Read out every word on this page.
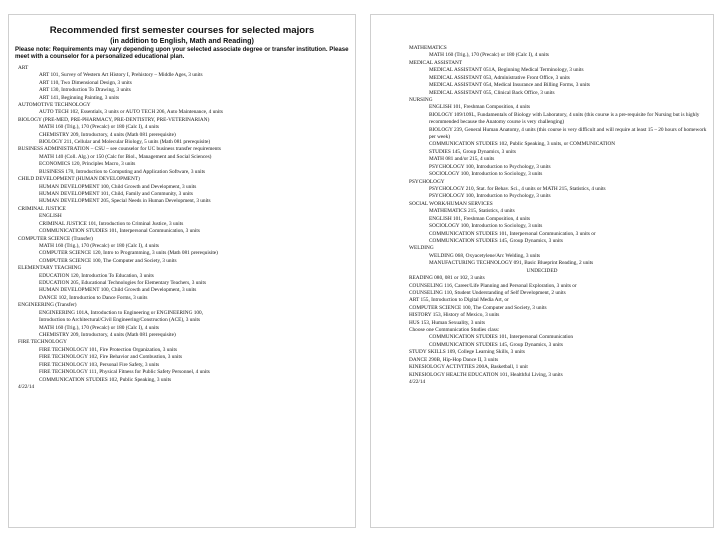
Recommended first semester courses for selected majors
(in addition to English, Math and Reading)
Please note: Requirements may vary depending upon your selected associate degree or transfer institution. Please meet with a counselor for a personalized educational plan.
ART
ART 101, Survey of Western Art History I, Prehistory – Middle Ages, 3 units
ART 110, Two Dimensional Design, 3 units
ART 130, Introduction To Drawing, 3 units
ART 141, Beginning Painting, 3 units
AUTOMOTIVE TECHNOLOGY
AUTO TECH 102, Essentials, 3 units or AUTO TECH 206, Auto Maintenance, 4 units
BIOLOGY (PRE-MED, PRE-PHARMACY, PRE-DENTISTRY, PRE-VETERINARIAN)
MATH 160 (Trig.), 170 (Precalc) or 180 (Calc I), 4 units
CHEMISTRY 209, Introductory, 4 units (Math 081 prerequisite)
BIOLOGY 211, Cellular and Molecular Biology, 5 units (Math 081 prerequisite)
BUSINESS ADMINISTRATION – CSU – see counselor for UC business transfer requirements
MATH 140 (Coll. Alg.) or 150 (Calc for Biol., Management and Social Sciences)
ECONOMICS 120, Principles Macro, 3 units
BUSINESS 170, Introduction to Computing and Application Software, 3 units
CHILD DEVELOPMENT (HUMAN DEVELOPMENT)
HUMAN DEVELOPMENT 100, Child Growth and Development, 3 units
HUMAN DEVELOPMENT 101, Child, Family and Community, 3 units
HUMAN DEVELOPMENT 205, Special Needs in Human Development, 3 units
CRIMINAL JUSTICE
ENGLISH
CRIMINAL JUSTICE 101, Introduction to Criminal Justice, 3 units
COMMUNICATION STUDIES 101, Interpersonal Communication, 3 units
COMPUTER SCIENCE (Transfer)
MATH 160 (Trig.), 170 (Precalc) or 180 (Calc I), 4 units
COMPUTER SCIENCE 120, Intro to Programming, 3 units (Math 081 prerequisite)
COMPUTER SCIENCE 100, The Computer and Society, 3 units
ELEMENTARY TEACHING
EDUCATION 120, Introduction To Education, 3 units
EDUCATION 205, Educational Technologies for Elementary Teachers, 3 units
HUMAN DEVELOPMENT 100, Child Growth and Development, 3 units
DANCE 102, Introduction to Dance Forms, 3 units
ENGINEERING (Transfer)
ENGINEERING 101A, Introduction to Engineering or ENGINEERING 100,
Introduction to Architectural/Civil Engineering/Construction (ACE), 3 units
MATH 160 (Trig.), 170 (Precalc) or 180 (Calc I), 4 units
CHEMISTRY 209, Introductory, 4 units (Math 081 prerequisite)
FIRE TECHNOLOGY
FIRE TECHNOLOGY 101, Fire Protection Organization, 3 units
FIRE TECHNOLOGY 102, Fire Behavior and Combustion, 3 units
FIRE TECHNOLOGY 103, Personal Fire Safety, 3 units
FIRE TECHNOLOGY 111, Physical Fitness for Public Safety Personnel, 4 units
COMMUNICATION STUDIES 102, Public Speaking, 3 units
4/22/14
MATHEMATICS
MATH 160 (Trig.), 170 (Precalc) or 180 (Calc I), 4 units
MEDICAL ASSISTANT
MEDICAL ASSISTANT 051A, Beginning Medical Terminology, 3 units
MEDICAL ASSISTANT 053, Administrative Front Office, 3 units
MEDICAL ASSISTANT 054, Medical Insurance and Billing Forms, 3 units
MEDICAL ASSISTANT 055, Clinical Back Office, 3 units
NURSING
ENGLISH 101, Freshman Composition, 4 units
BIOLOGY 109/109L, Fundamentals of Biology with Laboratory, 4 units (this course is a pre-requisite for Nursing but is highly recommended because the Anatomy course is very challenging)
BIOLOGY 239, General Human Anatomy, 4 units (this course is very difficult and will require at least 15 – 20 hours of homework per week)
COMMUNICATION STUDIES 102, Public Speaking, 3 units, or COMMUNICATION
STUDIES 145, Group Dynamics, 3 units
MATH 081 and/or 215, 4 units
PSYCHOLOGY 100, Introduction to Psychology, 3 units
SOCIOLOGY 100, Introduction to Sociology, 3 units
PSYCHOLOGY
PSYCHOLOGY 210, Stat. for Behav. Sci., 4 units or MATH 215, Statistics, 4 units
PSYCHOLOGY 100, Introduction to Psychology, 3 units
SOCIAL WORK/HUMAN SERVICES
MATHEMATICS 215, Statistics, 4 units
ENGLISH 101, Freshman Composition, 4 units
SOCIOLOGY 100, Introduction to Sociology, 3 units
COMMUNICATION STUDIES 101, Interpersonal Communication, 3 units or
COMMUNICATION STUDIES 145, Group Dynamics, 3 units
WELDING
WELDING 068, Oxyacetylene/Arc Welding, 3 units
MANUFACTURING TECHNOLOGY 091, Basic Blueprint Reading, 2 units
UNDECIDED
READING 080, 081 or 102, 3 units
COUNSELING 116, Career/Life Planning and Personal Exploration, 3 units or
COUNSELING 110, Student Understanding of Self Development, 2 units
ART 155, Introduction to Digital Media Art, or
COMPUTER SCIENCE 100, The Computer and Society, 3 units
HISTORY 153, History of Mexico, 3 units
HUS 153, Human Sexuality, 3 units
Choose one Communication Studies class:
COMMUNICATION STUDIES 101, Interpersonal Communication
COMMUNICATION STUDIES 145, Group Dynamics, 3 units
STUDY SKILLS 109, College Learning Skills, 3 units
DANCE 290B, Hip-Hop Dance II, 3 units
KINESIOLOGY ACTIVITIES 200A, Basketball, 1 unit
KINESIOLOGY HEALTH EDUCATION 101, Healthful Living, 3 units
4/22/14
